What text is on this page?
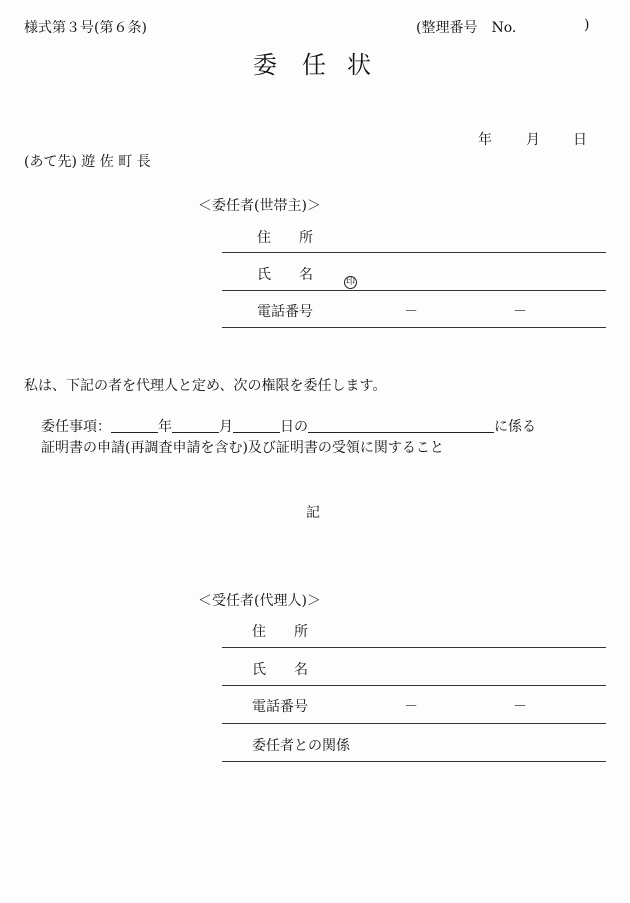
様式第３号(第６条)	(整理番号　No.	)
委 任 状
年 月 日
(あて先) 遊 佐 町 長
＜委任者(世帯主)＞
住　　所
氏　　名	印
電話番号	－	－
私は、下記の者を代理人と定め、次の権限を委任します。
委任事項：	年	月	日の	に係る
証明書の申請(再調査申請を含む)及び証明書の受領に関すること
記
＜受任者(代理人)＞
住　　所
氏　　名
電話番号	－	－
委任者との関係
